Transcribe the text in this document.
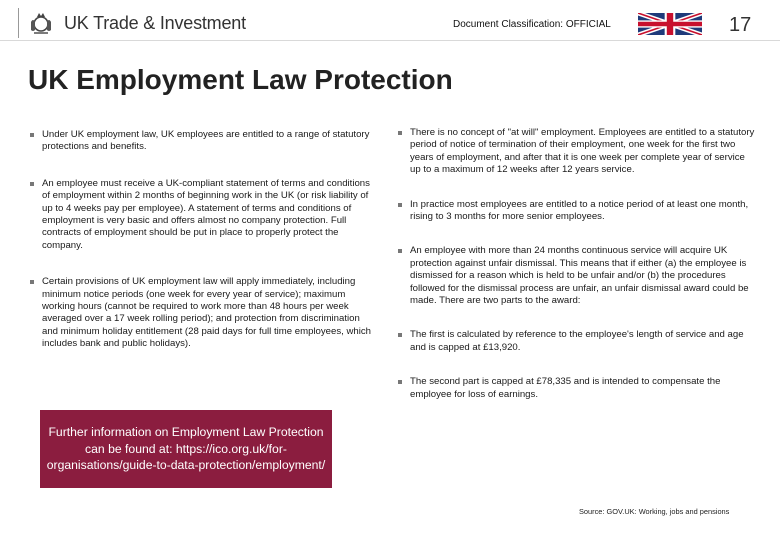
UK Trade & Investment	Document Classification: OFFICIAL	17
UK Employment Law Protection
Under UK employment law, UK employees are entitled to a range of statutory protections and benefits.
An employee must receive a UK-compliant statement of terms and conditions of employment within 2 months of beginning work in the UK (or risk liability of up to 4 weeks pay per employee). A statement of terms and conditions of employment is very basic and offers almost no company protection. Full contracts of employment should be put in place to properly protect the company.
Certain provisions of UK employment law will apply immediately, including minimum notice periods (one week for every year of service); maximum working hours (cannot be required to work more than 48 hours per week averaged over a 17 week rolling period); and protection from discrimination and minimum holiday entitlement (28 paid days for full time employees, which includes bank and public holidays).
There is no concept of "at will" employment. Employees are entitled to a statutory period of notice of termination of their employment, one week for the first two years of employment, and after that it is one week per complete year of service up to a maximum of 12 weeks after 12 years service.
In practice most employees are entitled to a notice period of at least one month, rising to 3 months for more senior employees.
An employee with more than 24 months continuous service will acquire UK protection against unfair dismissal. This means that if either (a) the employee is dismissed for a reason which is held to be unfair and/or (b) the procedures followed for the dismissal process are unfair, an unfair dismissal award could be made. There are two parts to the award:
The first is calculated by reference to the employee's length of service and age and is capped at £13,920.
The second part is capped at £78,335 and is intended to compensate the employee for loss of earnings.
Further information on Employment Law Protection can be found at: https://ico.org.uk/for-organisations/guide-to-data-protection/employment/
Source: GOV.UK: Working, jobs and pensions
